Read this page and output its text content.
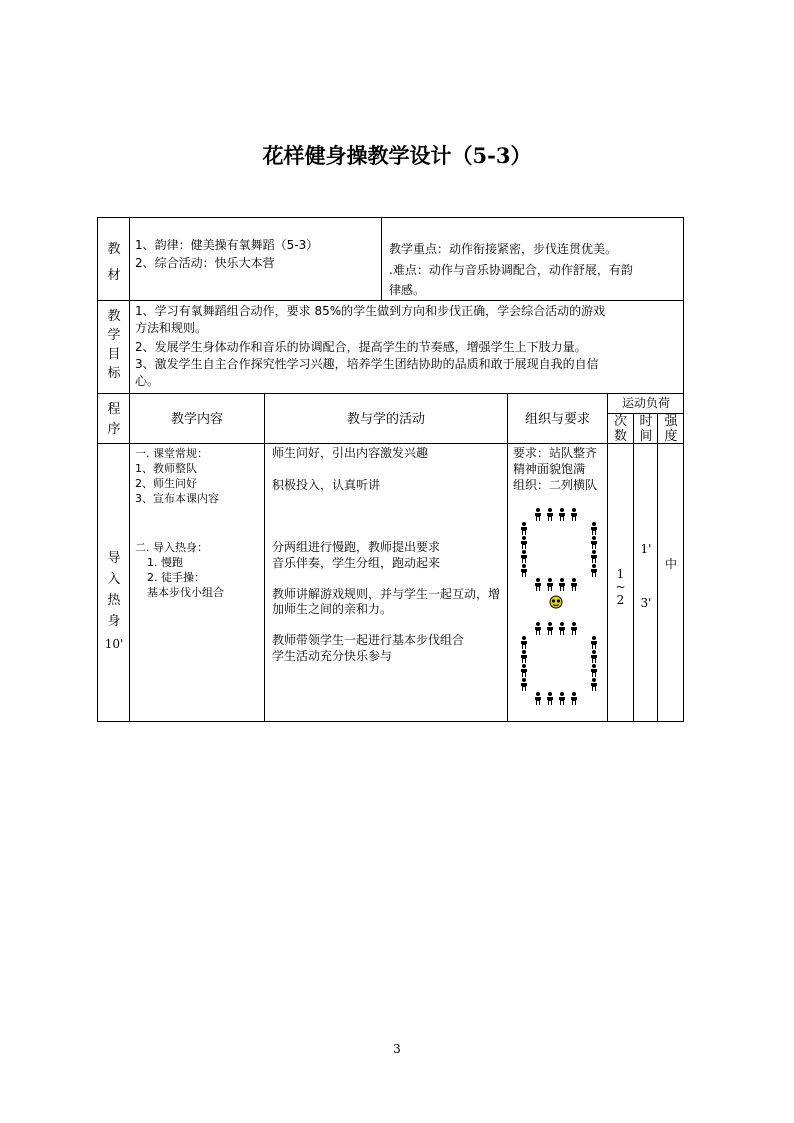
花样健身操教学设计（5-3）
教
材
1、韵律：健美操有氧舞蹈（5-3）
2、综合活动：快乐大本营
教学重点：动作衔接紧密，步伐连贯优美。
.难点：动作与音乐协调配合，动作舒展，有韵
律感。
教
学
目
标
1、学习有氧舞蹈组合动作，要求 85%的学生做到方向和步伐正确，学会综合活动的游戏
方法和规则。
2、发展学生身体动作和音乐的协调配合，提高学生的节奏感，增强学生上下肢力量。
3、激发学生自主合作探究性学习兴趣，培养学生团结协助的品质和敢于展现自我的自信
心。
程
序
教学内容	教与学的活动	组织与要求
运动负荷
次
数
时
间
强
度
导
入
热
身
10'
一. 课堂常规：
1、教师整队
2、师生问好
3、宣布本课内容
二. 导入热身：
1. 慢跑
2. 徒手操：
基本步伐小组合
师生问好，引出内容激发兴趣
积极投入，认真听讲
分两组进行慢跑，教师提出要求
音乐伴奏，学生分组，跑动起来
教师讲解游戏规则，并与学生一起互动，增
加师生之间的亲和力。
教师带领学生一起进行基本步伐组合
学生活动充分快乐参与
要求：站队整齐
精神面貌饱满
组织：二列横队
1
~
2
1'
3'
中
3
